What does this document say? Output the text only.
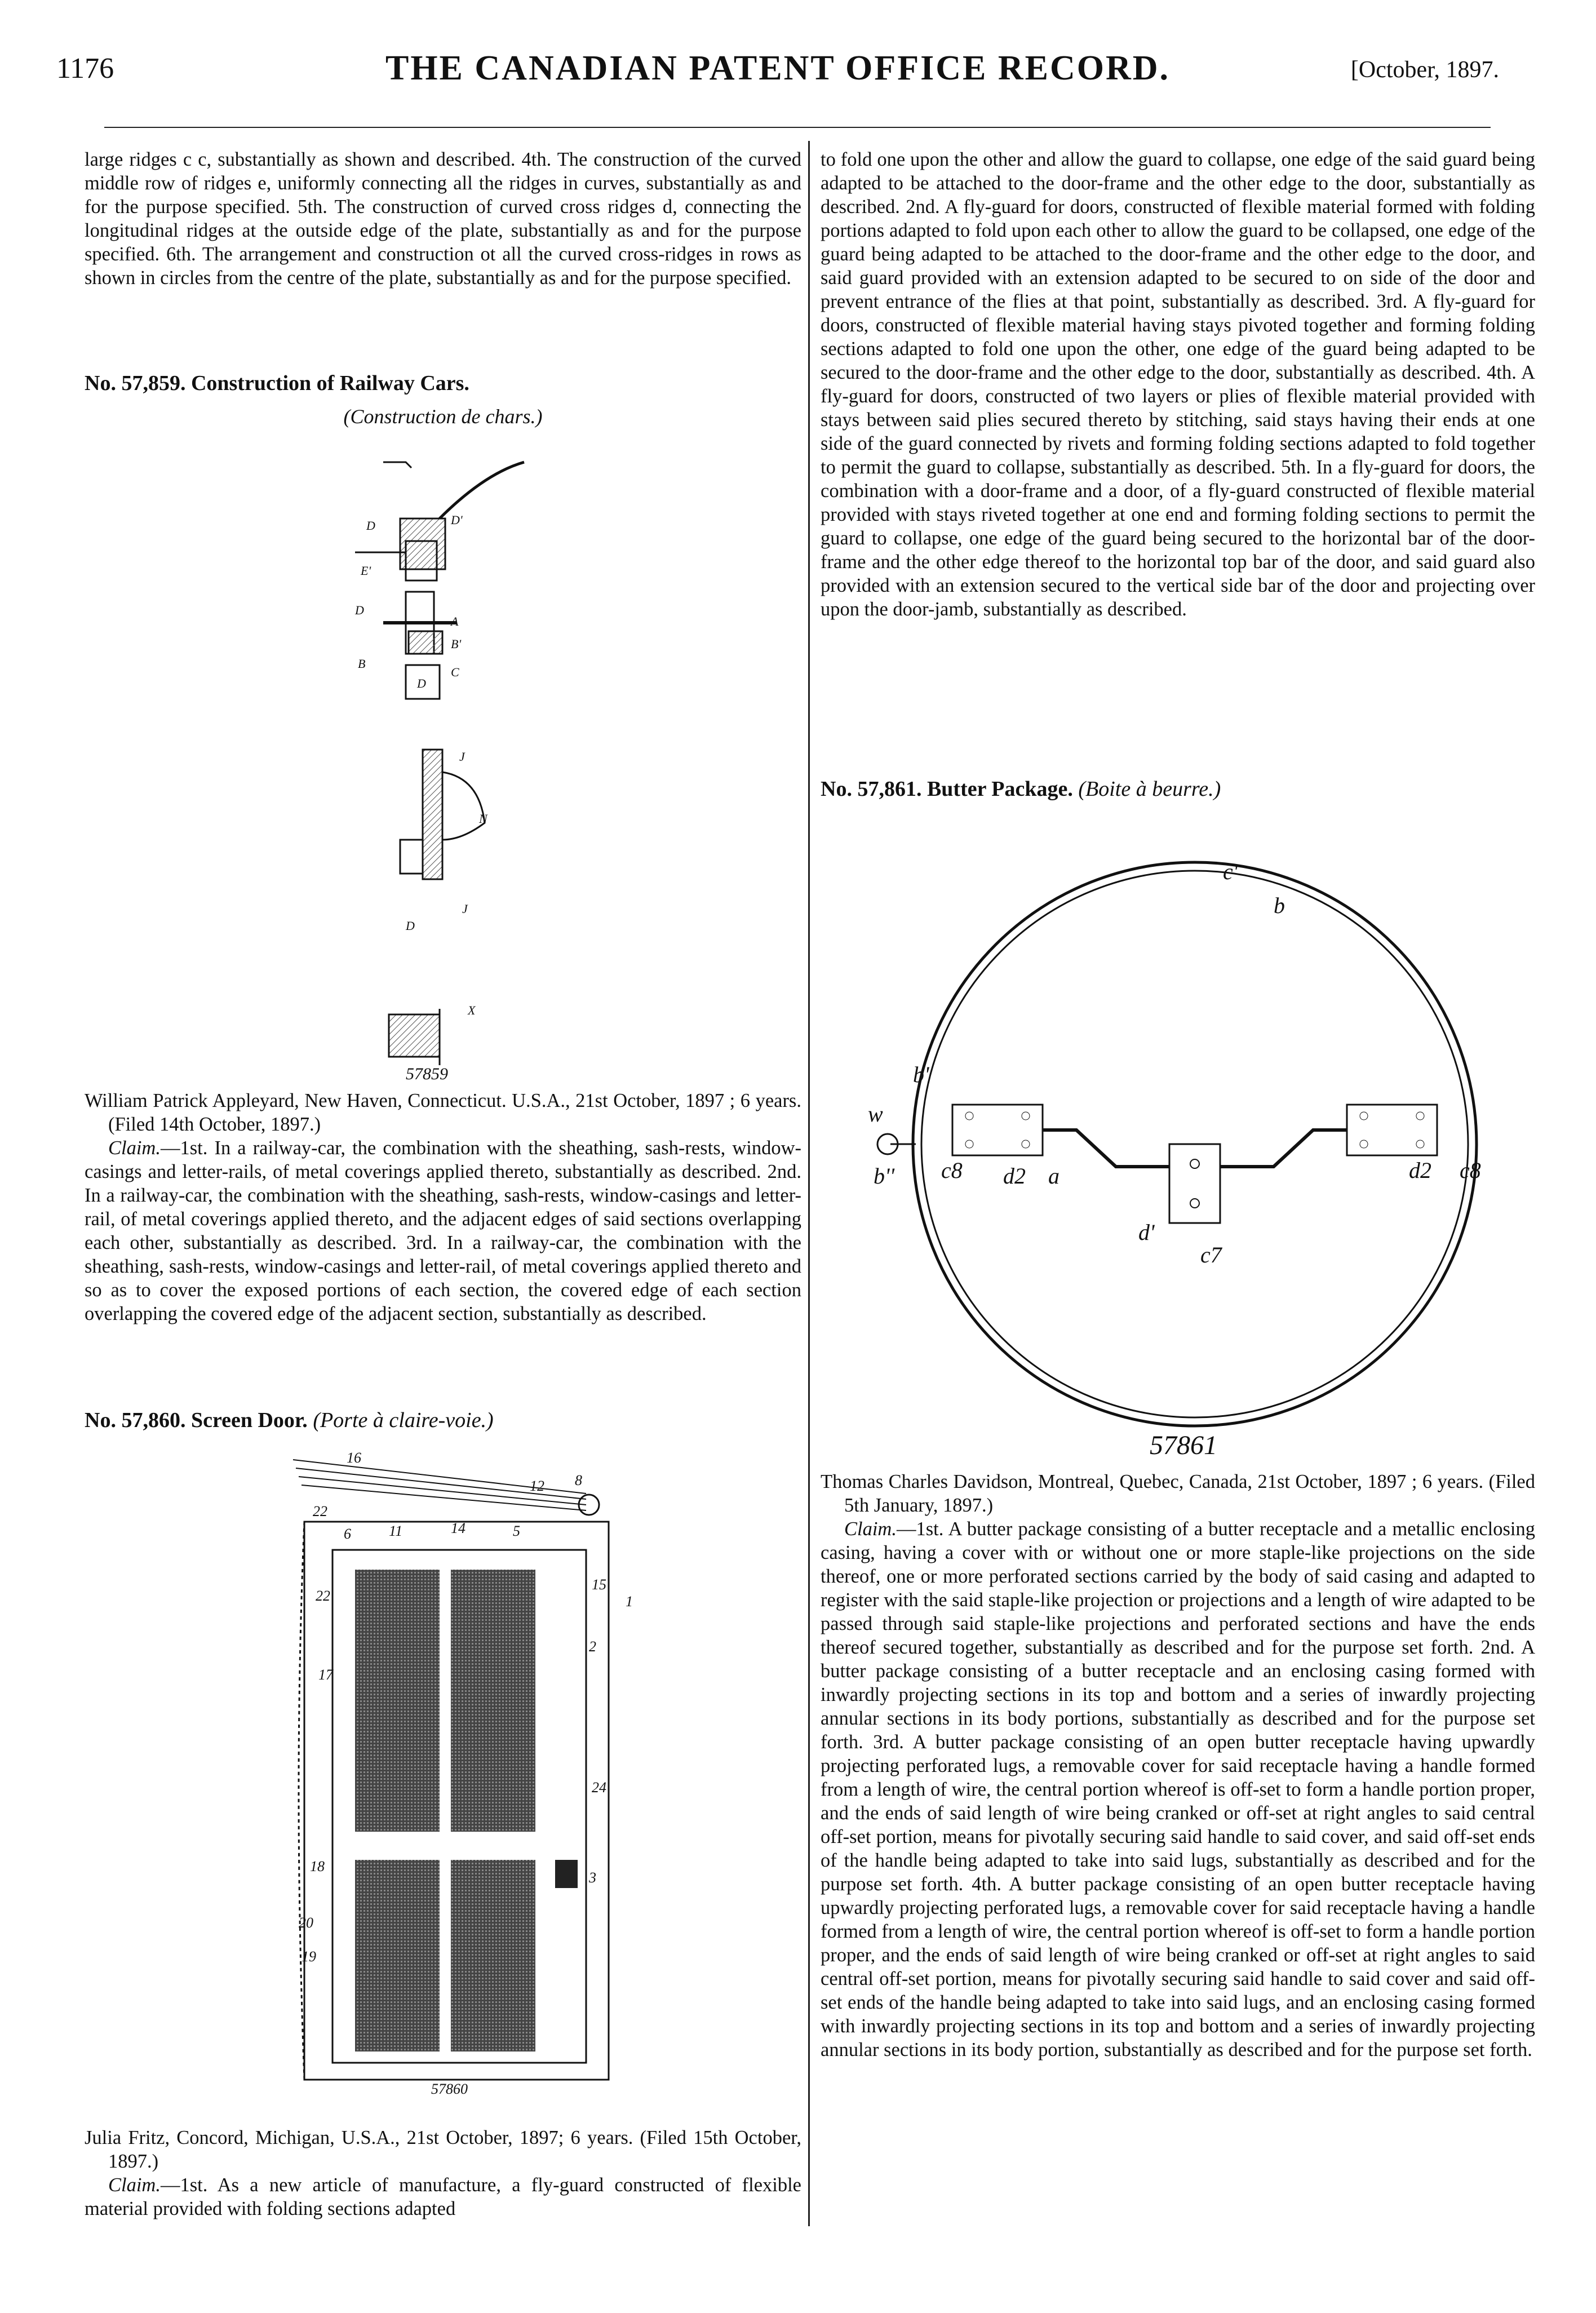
1176	THE CANADIAN PATENT OFFICE RECORD.	[October, 1897.

large ridges c c, substantially as shown and described. 4th. The construction of the curved middle row of ridges e, uniformly connecting all the ridges in curves, substantially as and for the purpose specified. 5th. The construction of curved cross ridges d, connecting the longitudinal ridges at the outside edge of the plate, substantially as and for the purpose specified. 6th. The arrangement and construction ot all the curved cross-ridges in rows as shown in circles from the centre of the plate, substantially as and for the purpose specified.

No. 57,859. Construction of Railway Cars.
(Construction de chars.)
D	D'
E'
D
B
A
B'
C
D
J
N
J
D
X
57859

William Patrick Appleyard, New Haven, Connecticut. U.S.A., 21st October, 1897 ; 6 years. (Filed 14th October, 1897.)

Claim.—1st. In a railway-car, the combination with the sheathing, sash-rests, window-casings and letter-rails, of metal coverings applied thereto, substantially as described. 2nd. In a railway-car, the combination with the sheathing, sash-rests, window-casings and letter-rail, of metal coverings applied thereto, and the adjacent edges of said sections overlapping each other, substantially as described. 3rd. In a railway-car, the combination with the sheathing, sash-rests, window-casings and letter-rail, of metal coverings applied thereto and so as to cover the exposed portions of each section, the covered edge of each section overlapping the covered edge of the adjacent section, substantially as described.

No. 57,860. Screen Door. (Porte à claire-voie.)
16
12 8
22
6	11	14	5
22
15
1
2
17
24
3
18
20
19
57860

Julia Fritz, Concord, Michigan, U.S.A., 21st October, 1897; 6 years. (Filed 15th October, 1897.)

Claim.—1st. As a new article of manufacture, a fly-guard constructed of flexible material provided with folding sections adapted

to fold one upon the other and allow the guard to collapse, one edge of the said guard being adapted to be attached to the door-frame and the other edge to the door, substantially as described. 2nd. A fly-guard for doors, constructed of flexible material formed with folding portions adapted to fold upon each other to allow the guard to be collapsed, one edge of the guard being adapted to be attached to the door-frame and the other edge to the door, and said guard provided with an extension adapted to be secured to on side of the door and prevent entrance of the flies at that point, substantially as described. 3rd. A fly-guard for doors, constructed of flexible material having stays pivoted together and forming folding sections adapted to fold one upon the other, one edge of the guard being adapted to be secured to the door-frame and the other edge to the door, substantially as described. 4th. A fly-guard for doors, constructed of two layers or plies of flexible material provided with stays between said plies secured thereto by stitching, said stays having their ends at one side of the guard connected by rivets and forming folding sections adapted to fold together to permit the guard to collapse, substantially as described. 5th. In a fly-guard for doors, the combination with a door-frame and a door, of a fly-guard constructed of flexible material provided with stays riveted together at one end and forming folding sections to permit the guard to collapse, one edge of the guard being secured to the horizontal bar of the door-frame and the other edge thereof to the horizontal top bar of the door, and said guard also provided with an extension secured to the vertical side bar of the door and projecting over upon the door-jamb, substantially as described.

No. 57,861. Butter Package. (Boite à beurre.)
c'
b
b'
w
b'' c8 d2 a	d2 c8
d'
c7
57861

Thomas Charles Davidson, Montreal, Quebec, Canada, 21st October, 1897 ; 6 years. (Filed 5th January, 1897.)

Claim.—1st. A butter package consisting of a butter receptacle and a metallic enclosing casing, having a cover with or without one or more staple-like projections on the side thereof, one or more perforated sections carried by the body of said casing and adapted to register with the said staple-like projection or projections and a length of wire adapted to be passed through said staple-like projections and perforated sections and have the ends thereof secured together, substantially as described and for the purpose set forth. 2nd. A butter package consisting of a butter receptacle and an enclosing casing formed with inwardly projecting sections in its top and bottom and a series of inwardly projecting annular sections in its body portions, substantially as described and for the purpose set forth. 3rd. A butter package consisting of an open butter receptacle having upwardly projecting perforated lugs, a removable cover for said receptacle having a handle formed from a length of wire, the central portion whereof is off-set to form a handle portion proper, and the ends of said length of wire being cranked or off-set at right angles to said central off-set portion, means for pivotally securing said handle to said cover, and said off-set ends of the handle being adapted to take into said lugs, substantially as described and for the purpose set forth. 4th. A butter package consisting of an open butter receptacle having upwardly projecting perforated lugs, a removable cover for said receptacle having a handle formed from a length of wire, the central portion whereof is off-set to form a handle portion proper, and the ends of said length of wire being cranked or off-set at right angles to said central off-set portion, means for pivotally securing said handle to said cover and said off-set ends of the handle being adapted to take into said lugs, and an enclosing casing formed with inwardly projecting sections in its top and bottom and a series of inwardly projecting annular sections in its body portion, substantially as described and for the purpose set forth.
